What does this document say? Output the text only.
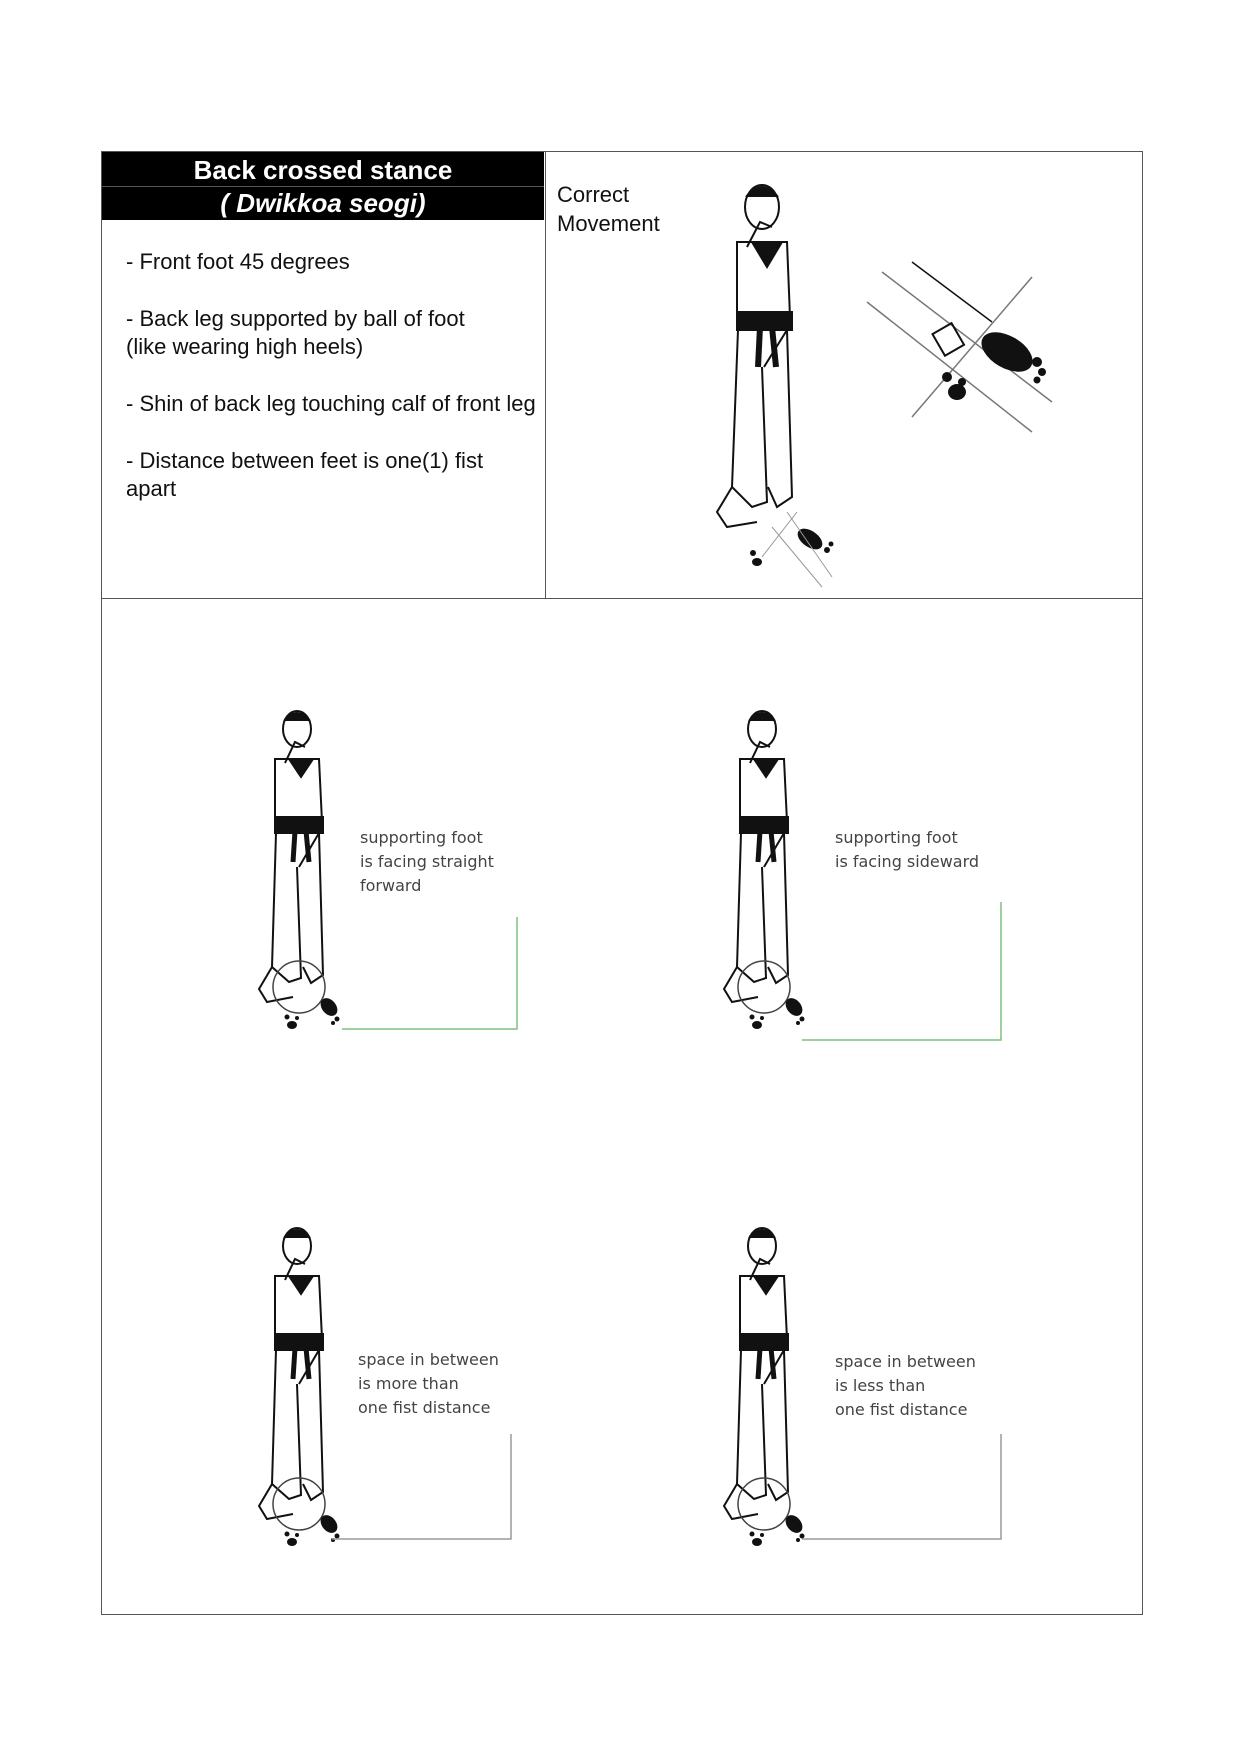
Back crossed stance
( Dwikkoa seogi)
- Front foot 45 degrees
- Back leg supported by ball of foot
(like wearing high heels)
- Shin of back leg touching calf of front leg
- Distance between feet is one(1) fist apart
Correct
Movement
supporting foot
is facing straight
forward
supporting foot
is facing sideward
space in between
is more than
one fist distance
space in between
is less than
one fist distance
